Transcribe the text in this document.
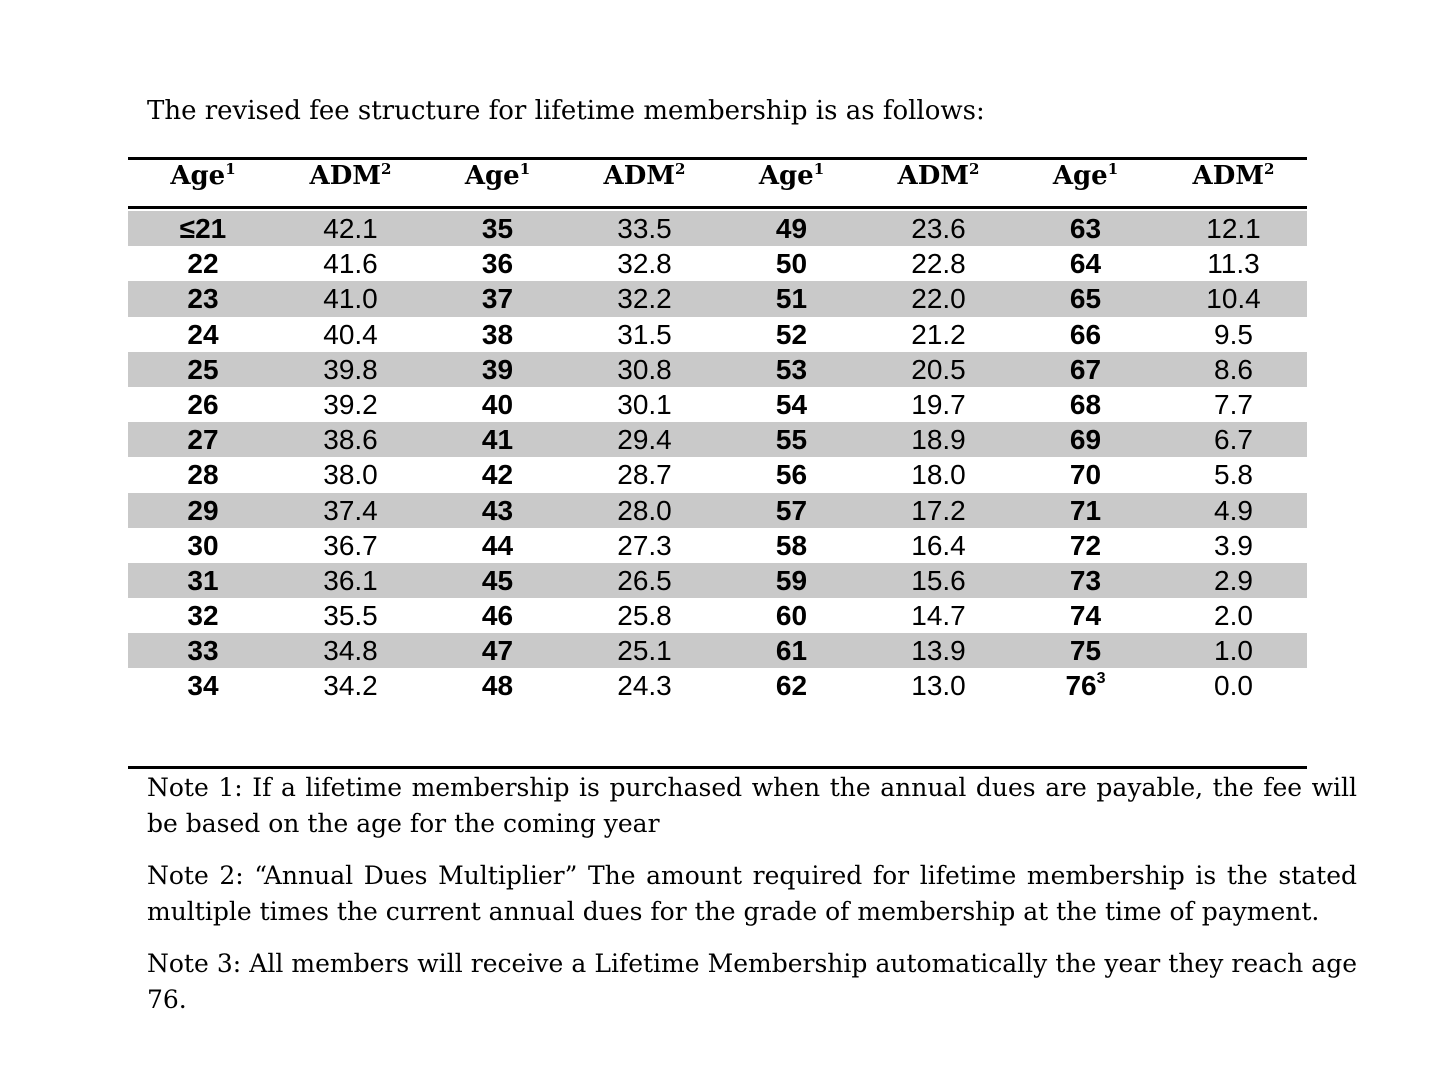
The revised fee structure for lifetime membership is as follows:
Age$^1$	ADM$^2$	Age$^1$	ADM$^2$	Age$^1$	ADM$^2$	Age$^1$	$ADM^2$
≤21	42.1	35	33.5	49	23.6	63	12.1
22	41.6	36	32.8	50	22.8	64	11.3
23	41.0	37	32.2	51	22.0	65	10.4
24	40.4	38	31.5	52	21.2	66	9.5
25	39.8	39	30.8	53	20.5	67	8.6
26	39.2	40	30.1	54	19.7	68	7.7
27	38.6	41	29.4	55	18.9	69	6.7
28	38.0	42	28.7	56	18.0	70	5.8
29	37.4	43	28.0	57	17.2	71	4.9
30	36.7	44	27.3	58	16.4	72	3.9
31	36.1	45	26.5	59	15.6	73	2.9
32	35.5	46	25.8	60	14.7	74	2.0
33	34.8	47	25.1	61	13.9	75	1.0
34	34.2	48	24.3	62	13.0	$76^3$	0.0

Note 1: If a lifetime membership is purchased when the annual dues are payable, the fee will be based on the age for the coming year

Note 2: “Annual Dues Multiplier” The amount required for lifetime membership is the stated multiple times the current annual dues for the grade of membership at the time of payment.

Note 3: All members will receive a Lifetime Membership automatically the year they reach age 76.
